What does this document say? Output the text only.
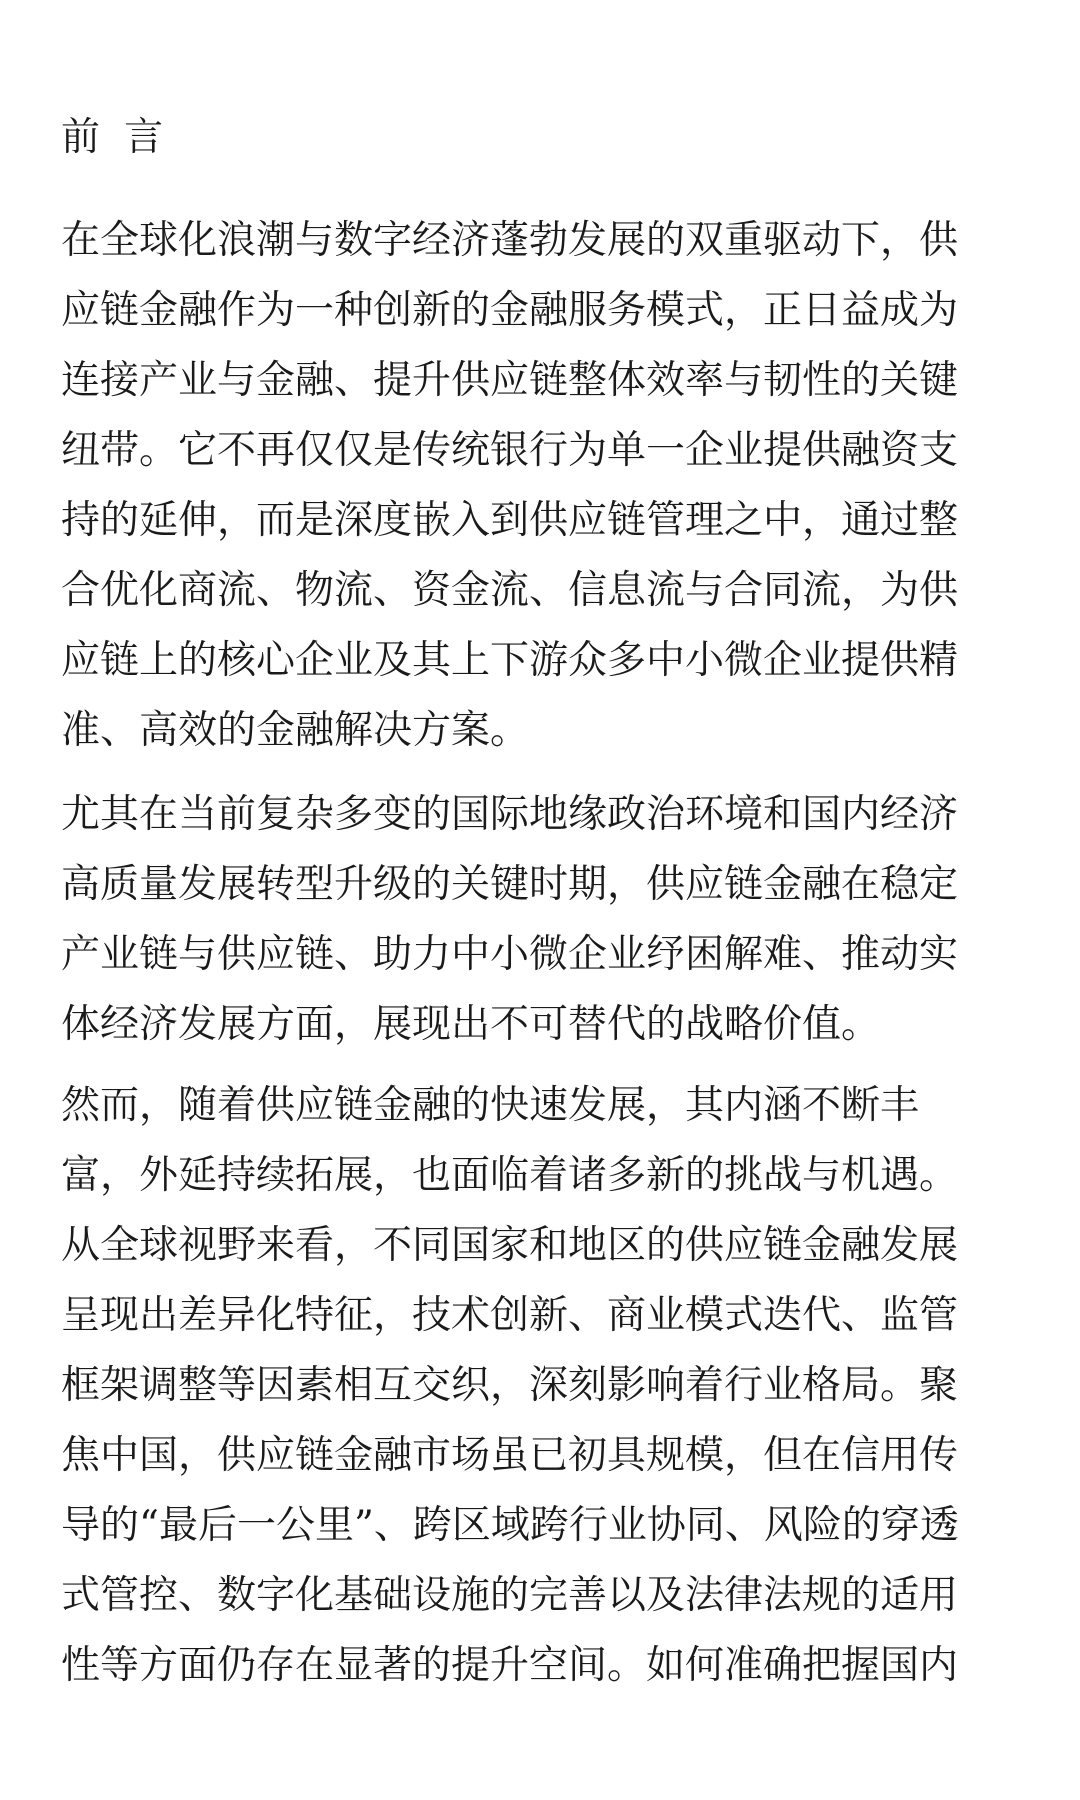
前 言

在全球化浪潮与数字经济蓬勃发展的双重驱动下，供
应链金融作为一种创新的金融服务模式，正日益成为
连接产业与金融、提升供应链整体效率与韧性的关键
纽带。它不再仅仅是传统银行为单一企业提供融资支
持的延伸，而是深度嵌入到供应链管理之中，通过整
合优化商流、物流、资金流、信息流与合同流，为供
应链上的核心企业及其上下游众多中小微企业提供精
准、高效的金融解决方案。

尤其在当前复杂多变的国际地缘政治环境和国内经济
高质量发展转型升级的关键时期，供应链金融在稳定
产业链与供应链、助力中小微企业纾困解难、推动实
体经济发展方面，展现出不可替代的战略价值。

然而，随着供应链金融的快速发展，其内涵不断丰
富，外延持续拓展，也面临着诸多新的挑战与机遇。
从全球视野来看，不同国家和地区的供应链金融发展
呈现出差异化特征，技术创新、商业模式迭代、监管
框架调整等因素相互交织，深刻影响着行业格局。聚
焦中国，供应链金融市场虽已初具规模，但在信用传
导的“最后一公里”、跨区域跨行业协同、风险的穿透
式管控、数字化基础设施的完善以及法律法规的适用
性等方面仍存在显著的提升空间。如何准确把握国内
